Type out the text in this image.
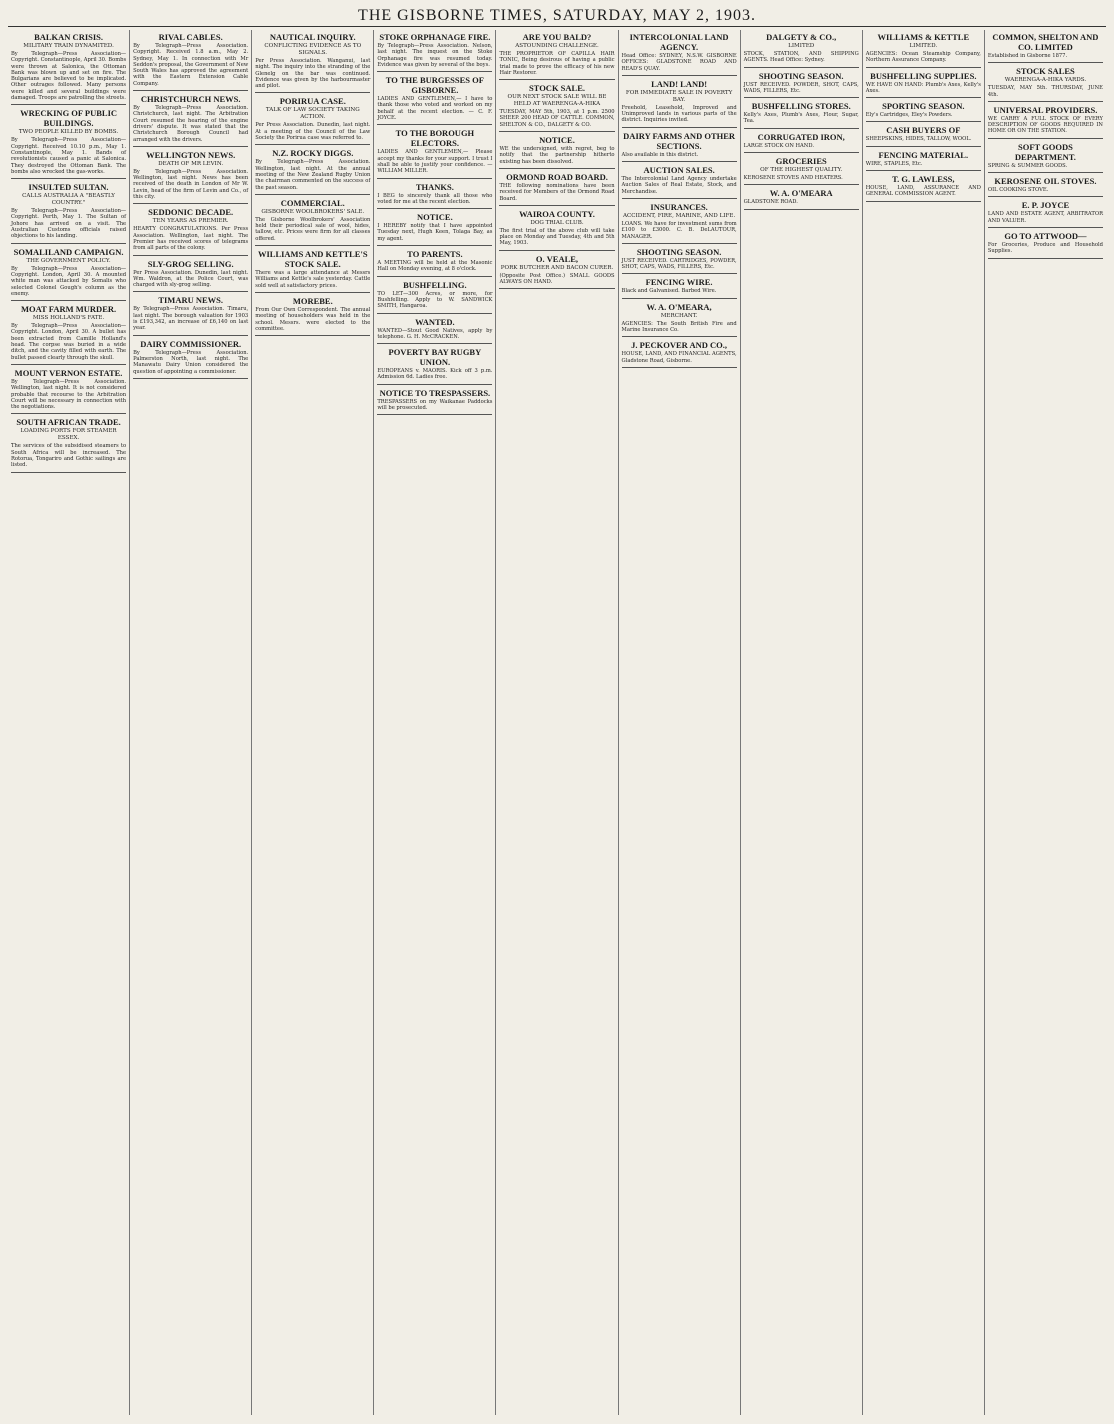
THE GISBORNE TIMES, SATURDAY, MAY 2, 1903.
BALKAN CRISIS.
MILITARY TRAIN DYNAMITED.
By Telegraph—Press Association—Copyright. Constantinople, April 30. Bombs were thrown at Salonica, the Ottoman Bank was blown up and set on fire. The Bulgarians are believed to be implicated. Other outrages followed. Many persons were killed and several buildings were damaged. Troops are patrolling the streets.
WRECKING OF PUBLIC BUILDINGS.
TWO PEOPLE KILLED BY BOMBS.
By Telegraph—Press Association—Copyright. Received 10.10 p.m., May 1. Constantinople, May 1. Bands of revolutionists caused a panic at Salonica. They destroyed the Ottoman Bank. The bombs also wrecked the gas-works.
INSULTED SULTAN.
CALLS AUSTRALIA A "BEASTLY COUNTRY."
By Telegraph—Press Association—Copyright. Perth, May 1. The Sultan of Johore has arrived on a visit. The Australian Customs officials raised objections to his landing.
SOMALILAND CAMPAIGN.
THE GOVERNMENT POLICY.
By Telegraph—Press Association—Copyright. London, April 30. A mounted white man was attacked by Somalis who selected Colonel Gough's column as the enemy.
MOAT FARM MURDER.
MISS HOLLAND'S FATE.
By Telegraph—Press Association—Copyright. London, April 30. A bullet has been extracted from Camille Holland's head. The corpse was buried in a wide ditch, and the cavity filled with earth. The bullet passed clearly through the skull.
MOUNT VERNON ESTATE.
By Telegraph—Press Association. Wellington, last night. It is not considered probable that recourse to the Arbitration Court will be necessary in connection with the negotiations.
SOUTH AFRICAN TRADE.
LOADING PORTS FOR STEAMER ESSEX.
The services of the subsidised steamers to South Africa will be increased. The Rotorua, Tongariro and Gothic sailings are listed.
RIVAL CABLES.
By Telegraph—Press Association. Copyright. Received 1.8 a.m., May 2. Sydney, May 1. In connection with Mr Seddon's proposal, the Government of New South Wales has approved the agreement with the Eastern Extension Cable Company.
CHRISTCHURCH NEWS.
By Telegraph—Press Association. Christchurch, last night. The Arbitration Court resumed the hearing of the engine drivers' dispute. It was stated that the Christchurch Borough Council had arranged with the drivers.
WELLINGTON NEWS.
DEATH OF MR LEVIN.
By Telegraph—Press Association. Wellington, last night. News has been received of the death in London of Mr W. Levin, head of the firm of Levin and Co., of this city.
SEDDONIC DECADE.
TEN YEARS AS PREMIER.
HEARTY CONGRATULATIONS. Per Press Association. Wellington, last night. The Premier has received scores of telegrams from all parts of the colony.
SLY-GROG SELLING.
Per Press Association. Dunedin, last night. Wm. Waldron, at the Police Court, was charged with sly-grog selling.
TIMARU NEWS.
By Telegraph—Press Association. Timaru, last night. The borough valuation for 1903 is £193,342, an increase of £6,140 on last year.
DAIRY COMMISSIONER.
By Telegraph—Press Association. Palmerston North, last night. The Manawatu Dairy Union considered the question of appointing a commissioner.
NAUTICAL INQUIRY.
CONFLICTING EVIDENCE AS TO SIGNALS.
Per Press Association. Wanganui, last night. The inquiry into the stranding of the Glenelg on the bar was continued. Evidence was given by the harbourmaster and pilot.
PORIRUA CASE.
TALK OF LAW SOCIETY TAKING ACTION.
Per Press Association. Dunedin, last night. At a meeting of the Council of the Law Society the Porirua case was referred to.
N.Z. ROCKY DIGGS.
By Telegraph—Press Association. Wellington, last night. At the annual meeting of the New Zealand Rugby Union the chairman commented on the success of the past season.
COMMERCIAL.
GISBORNE WOOLBROKERS' SALE.
The Gisborne Woolbrokers' Association held their periodical sale of wool, hides, tallow, etc. Prices were firm for all classes offered.
WILLIAMS AND KETTLE'S STOCK SALE.
There was a large attendance at Messrs Williams and Kettle's sale yesterday. Cattle sold well at satisfactory prices.
MOREBE.
From Our Own Correspondent. The annual meeting of householders was held in the school. Messrs. were elected to the committee.
STOKE ORPHANAGE FIRE.
By Telegraph—Press Association. Nelson, last night. The inquest on the Stoke Orphanage fire was resumed today. Evidence was given by several of the boys.
TO THE BURGESSES OF GISBORNE.
LADIES AND GENTLEMEN,— I have to thank those who voted and worked on my behalf at the recent election. — C. F. JOYCE.
TO THE BOROUGH ELECTORS.
LADIES AND GENTLEMEN,— Please accept my thanks for your support. I trust I shall be able to justify your confidence. — WILLIAM MILLER.
THANKS.
I BEG to sincerely thank all those who voted for me at the recent election.
NOTICE.
I HEREBY notify that I have appointed Tuesday next, Hugh Keen, Tolaga Bay, as my agent.
TO PARENTS.
A MEETING will be held at the Masonic Hall on Monday evening, at 8 o'clock.
BUSHFELLING.
TO LET—300 Acres, or more, for Bushfelling. Apply to W. SANDWICK SMITH, Hangaroa.
WANTED.
WANTED—Stout Good Natives, apply by telephone. G. H. McCRACKEN.
POVERTY BAY RUGBY UNION.
EUROPEANS v. MAORIS. Kick off 3 p.m. Admission 6d. Ladies free.
NOTICE TO TRESPASSERS.
TRESPASSERS on my Waikanae Paddocks will be prosecuted.
ARE YOU BALD?
ASTOUNDING CHALLENGE.
THE PROPRIETOR OF CAPILLA HAIR TONIC, Being desirous of having a public trial made to prove the efficacy of his new Hair Restorer.
STOCK SALE.
OUR NEXT STOCK SALE WILL BE HELD AT WAERENGA-A-HIKA
TUESDAY, MAY 5th, 1903, at 1 p.m. 2500 SHEEP. 200 HEAD OF CATTLE. COMMON, SHELTON & CO., DALGETY & CO.
NOTICE.
WE the undersigned, with regret, beg to notify that the partnership hitherto existing has been dissolved.
ORMOND ROAD BOARD.
THE following nominations have been received for Members of the Ormond Road Board.
WAIROA COUNTY.
DOG TRIAL CLUB.
The first trial of the above club will take place on Monday and Tuesday, 4th and 5th May, 1903.
O. VEALE,
PORK BUTCHER AND BACON CURER.
(Opposite Post Office.) SMALL GOODS ALWAYS ON HAND.
INTERCOLONIAL LAND AGENCY.
Head Office: SYDNEY, N.S.W. GISBORNE OFFICES: GLADSTONE ROAD AND READ'S QUAY.
LAND! LAND!
FOR IMMEDIATE SALE IN POVERTY BAY.
Freehold, Leasehold, Improved and Unimproved lands in various parts of the district. Inquiries invited.
DAIRY FARMS AND OTHER SECTIONS.
Also available in this district.
AUCTION SALES.
The Intercolonial Land Agency undertake Auction Sales of Real Estate, Stock, and Merchandise.
INSURANCES.
ACCIDENT, FIRE, MARINE, AND LIFE.
LOANS. We have for investment sums from £100 to £3000. C. B. DeLAUTOUR, MANAGER.
SHOOTING SEASON.
JUST RECEIVED. CARTRIDGES, POWDER, SHOT, CAPS, WADS, FILLERS, Etc.
FENCING WIRE.
Black and Galvanised. Barbed Wire.
W. A. O'MEARA,
MERCHANT.
AGENCIES: The South British Fire and Marine Insurance Co.
J. PECKOVER AND CO.,
HOUSE, LAND, AND FINANCIAL AGENTS, Gladstone Road, Gisborne.
DALGETY & CO.,
LIMITED
STOCK, STATION, AND SHIPPING AGENTS. Head Office: Sydney.
SHOOTING SEASON.
JUST RECEIVED. POWDER, SHOT, CAPS, WADS, FILLERS, Etc.
BUSHFELLING STORES.
Kelly's Axes, Plumb's Axes, Flour, Sugar, Tea.
CORRUGATED IRON,
LARGE STOCK ON HAND.
GROCERIES
OF THE HIGHEST QUALITY.
KEROSENE STOVES AND HEATERS.
W. A. O'MEARA
GLADSTONE ROAD.
WILLIAMS & KETTLE
LIMITED.
AGENCIES: Ocean Steamship Company, Northern Assurance Company.
BUSHFELLING SUPPLIES.
WE HAVE ON HAND: Plumb's Axes, Kelly's Axes.
SPORTING SEASON.
Ely's Cartridges, Eley's Powders.
CASH BUYERS OF
SHEEPSKINS, HIDES, TALLOW, WOOL.
FENCING MATERIAL.
WIRE, STAPLES, Etc.
T. G. LAWLESS,
HOUSE, LAND, ASSURANCE AND GENERAL COMMISSION AGENT.
COMMON, SHELTON AND CO. LIMITED
Established in Gisborne 1877.
STOCK SALES
WAERENGA-A-HIKA YARDS.
TUESDAY, MAY 5th. THURSDAY, JUNE 4th.
UNIVERSAL PROVIDERS.
WE CARRY A FULL STOCK OF EVERY DESCRIPTION OF GOODS REQUIRED IN HOME OR ON THE STATION.
SOFT GOODS DEPARTMENT.
SPRING & SUMMER GOODS.
KEROSENE OIL STOVES.
OIL COOKING STOVE.
E. P. JOYCE
LAND AND ESTATE AGENT, ARBITRATOR AND VALUER.
GO TO ATTWOOD—
For Groceries, Produce and Household Supplies.
